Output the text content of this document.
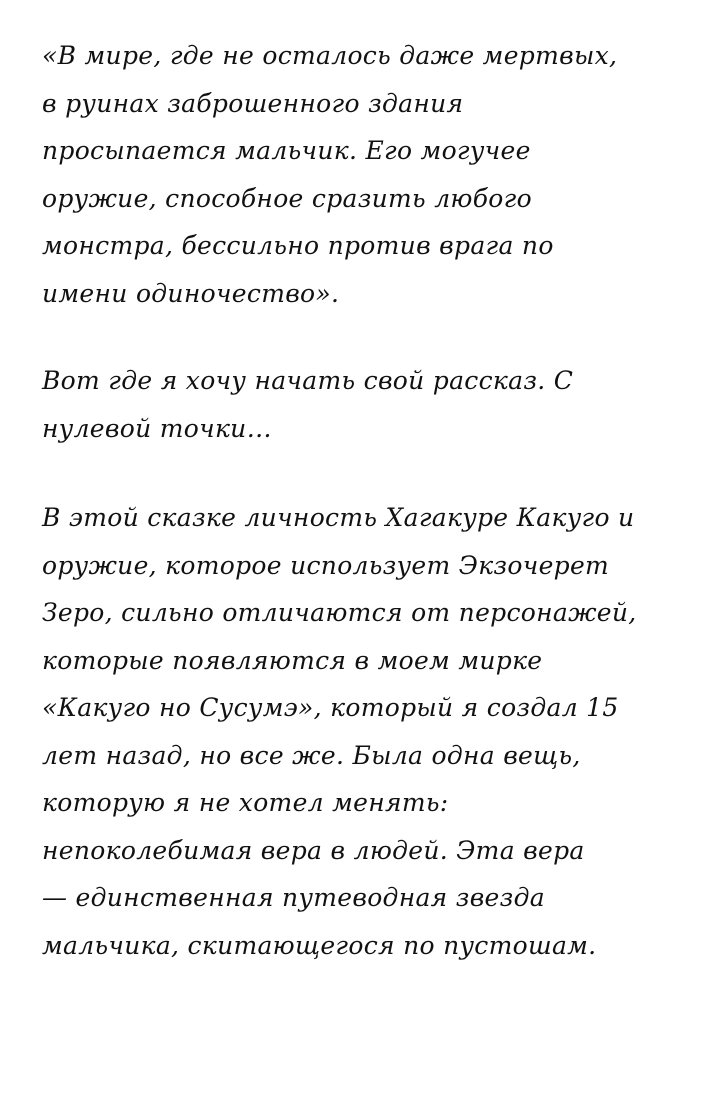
«В мире, где не осталось даже мертвых,
в руинах заброшенного здания
просыпается мальчик. Его могучее
оружие, способное сразить любого
монстра, бессильно против врага по
имени одиночество».

Вот где я хочу начать свой рассказ. С
нулевой точки…

В этой сказке личность Хагакуре Какуго и
оружие, которое использует Экзочерет
Зеро, сильно отличаются от персонажей,
которые появляются в моем мирке
«Какуго но Сусумэ», который я создал 15
лет назад, но все же. Была одна вещь,
которую я не хотел менять:
непоколебимая вера в людей. Эта вера
— единственная путеводная звезда
мальчика, скитающегося по пустошам.
